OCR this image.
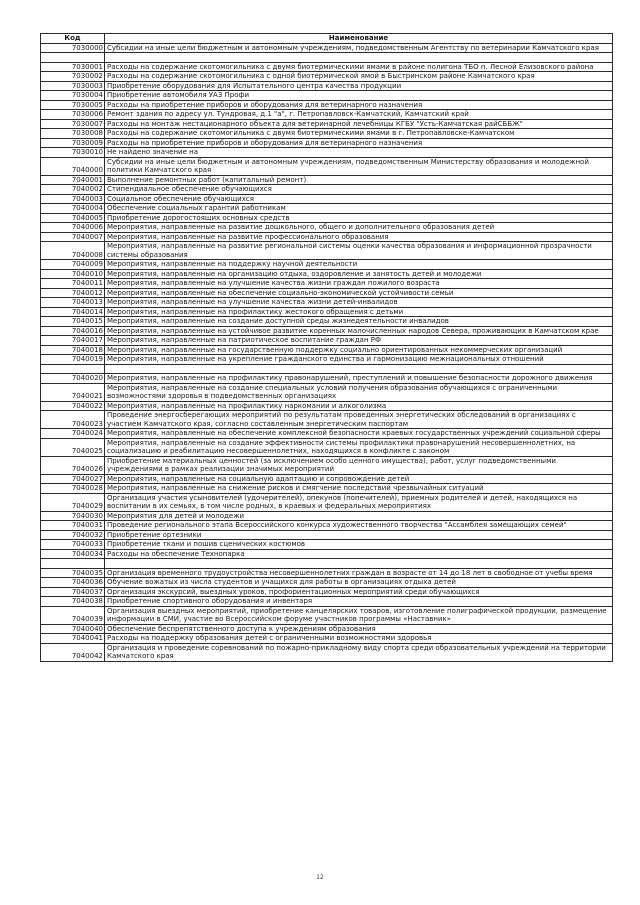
Код	Наименование
7030000	Субсидии на иные цели бюджетным и автономным учреждениям, подведомственным Агентству по ветеринарии Камчатского края

7030001	Расходы на содержание скотомогильника с двумя биотермическими ямами в районе полигона ТБО п. Лесной Елизовского района
7030002	Расходы на содержание скотомогильника с одной биотермической ямой в Быстринском районе Камчатского края
7030003	Приобретение оборудования для Испытательного центра качества продукции
7030004	Приобретение автомобиля УАЗ Профи
7030005	Расходы на приобретение приборов и оборудования для ветеринарного назначения
7030006	Ремонт здания по адресу ул. Тундровая, д.1 "а", г. Петропавловск-Камчатский, Камчатский край
7030007	Расходы на монтаж нестационарного объекта для ветеринарной лечебницы КГБУ "Усть-Камчатская райСББЖ"
7030008	Расходы на содержание скотомогильника с двумя биотермическими ямами в г. Петропавловске-Камчатском
7030009	Расходы на приобретение приборов и оборудования для ветеринарного назначения
7030010	Не найдено значение на
7040000	Субсидии на иные цели бюджетным и автономным учреждениям, подведомственным Министерству образования и молодежной политики Камчатского края
7040001	Выполнение ремонтных работ (капитальный ремонт)
7040002	Стипендиальное обеспечение обучающихся
7040003	Социальное обеспечение обучающихся
7040004	Обеспечение социальных гарантий работникам
7040005	Приобретение дорогостоящих основных средств
7040006	Мероприятия, направленные на развитие дошкольного, общего и дополнительного образования детей
7040007	Мероприятия, направленные на развитие профессионального образования
7040008	Мероприятия, направленные на развитие региональной системы оценки качества образования и информационной прозрачности системы образования
7040009	Мероприятия, направленные на поддержку научной деятельности
7040010	Мероприятия, направленные на организацию отдыха, оздоровление и занятость детей и молодежи
7040011	Мероприятия, направленные на улучшение качества жизни граждан пожилого возраста
7040012	Мероприятия, направленные на обеспечение социально-экономической устойчивости семьи
7040013	Мероприятия, направленные на улучшение качества жизни детей-инвалидов
7040014	Мероприятия, направленные на профилактику жестокого обращения с детьми
7040015	Мероприятия, направленные на создание доступной среды жизнедеятельности инвалидов
7040016	Мероприятия, направленные на устойчивое развитие коренных малочисленных народов Севера, проживающих в Камчатском крае
7040017	Мероприятия, направленные на патриотическое воспитание граждан РФ
7040018	Мероприятия, направленные на государственную поддержку социально ориентированных некоммерческих организаций
7040019	Мероприятия, направленные на укрепление гражданского единства и гармонизацию межнациональных отношений

7040020	Мероприятия, направленные на профилактику правонарушений, преступлений и повышение безопасности дорожного движения
7040021	Мероприятия, направленные на создание специальных условий получения образования обучающихся с ограниченными возможностями здоровья в подведомственных организациях
7040022	Мероприятия, направленные на профилактику наркомании и алкоголизма
7040023	Проведение энергосберегающих мероприятий по результатам проведенных энергетических обследований в организациях с участием Камчатского края, согласно составленным энергетическим паспортам
7040024	Мероприятия, направленные на обеспечение комплексной безопасности краевых государственных учреждений социальной сферы
7040025	Мероприятия, направленные на создание эффективности системы профилактики правонарушений несовершеннолетних, на социализацию и реабилитацию несовершеннолетних, находящихся в конфликте с законом
7040026	Приобретение материальных ценностей (за исключением особо ценного имущества), работ, услуг подведомственными учреждениями в рамках реализации значимых мероприятий
7040027	Мероприятия, направленные на социальную адаптацию и сопровождение детей
7040028	Мероприятия, направленные на снижение рисков и смягчение последствий чрезвычайных ситуаций
7040029	Организация участия усыновителей (удочерителей), опекунов (попечителей), приемных родителей и детей, находящихся на воспитании в их семьях, в том числе родных, в краевых и федеральных мероприятиях
7040030	Мероприятия для детей и молодежи
7040031	Проведение регионального этапа Всероссийского конкурса художественного творчества "Ассамблея замещающих семей"
7040032	Приобретение ортезники
7040033	Приобретение ткани и пошив сценических костюмов
7040034	Расходы на обеспечение Технопарка

7040035	Организация временного трудоустройства несовершеннолетних граждан в возрасте от 14 до 18 лет в свободное от учебы время
7040036	Обучение вожатых из числа студентов и учащихся для работы в организациях отдыха детей
7040037	Организация экскурсий, выездных уроков, профориентационных мероприятий среди обучающихся
7040038	Приобретение спортивного оборудования и инвентаря
7040039	Организация выездных мероприятий, приобретение канцелярских товаров, изготовление полиграфической продукции, размещение информации в СМИ, участие во Всероссийском форуме участников программы «Наставник»
7040040	Обеспечение беспрепятственного доступа к учреждениям образования
7040041	Расходы на поддержку образования детей с ограниченными возможностями здоровья
7040042	Организация и проведение соревнований по пожарно-прикладному виду спорта среди образовательных учреждений на территории Камчатского края
12
